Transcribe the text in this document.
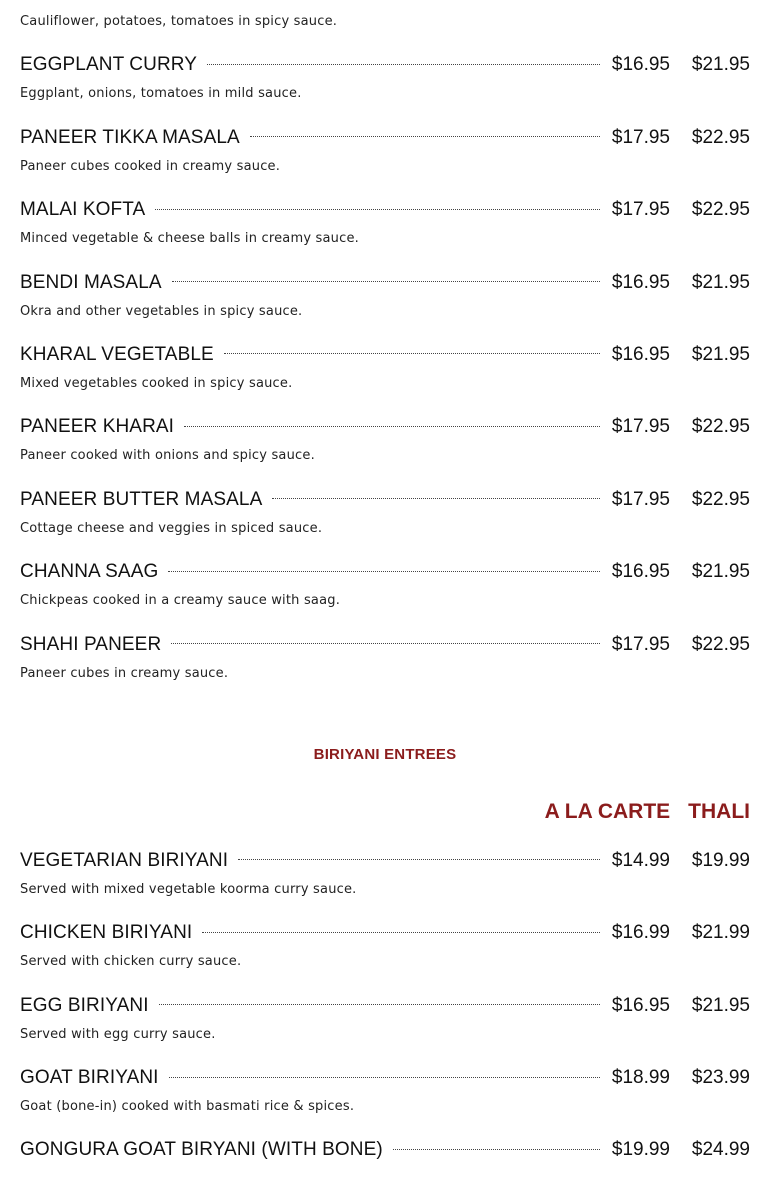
Cauliflower, potatoes, tomatoes in spicy sauce.
EGGPLANT CURRY	$16.95	$21.95
Eggplant, onions, tomatoes in mild sauce.
PANEER TIKKA MASALA	$17.95	$22.95
Paneer cubes cooked in creamy sauce.
MALAI KOFTA	$17.95	$22.95
Minced vegetable & cheese balls in creamy sauce.
BENDI MASALA	$16.95	$21.95
Okra and other vegetables in spicy sauce.
KHARAL VEGETABLE	$16.95	$21.95
Mixed vegetables cooked in spicy sauce.
PANEER KHARAI	$17.95	$22.95
Paneer cooked with onions and spicy sauce.
PANEER BUTTER MASALA	$17.95	$22.95
Cottage cheese and veggies in spiced sauce.
CHANNA SAAG	$16.95	$21.95
Chickpeas cooked in a creamy sauce with saag.
SHAHI PANEER	$17.95	$22.95
Paneer cubes in creamy sauce.
BIRIYANI ENTREES
A LA CARTE THALI
VEGETARIAN BIRIYANI	$14.99	$19.99
Served with mixed vegetable koorma curry sauce.
CHICKEN BIRIYANI	$16.99	$21.99
Served with chicken curry sauce.
EGG BIRIYANI	$16.95	$21.95
Served with egg curry sauce.
GOAT BIRIYANI	$18.99	$23.99
Goat (bone-in) cooked with basmati rice & spices.
GONGURA GOAT BIRYANI (WITH BONE)	$19.99	$24.99
